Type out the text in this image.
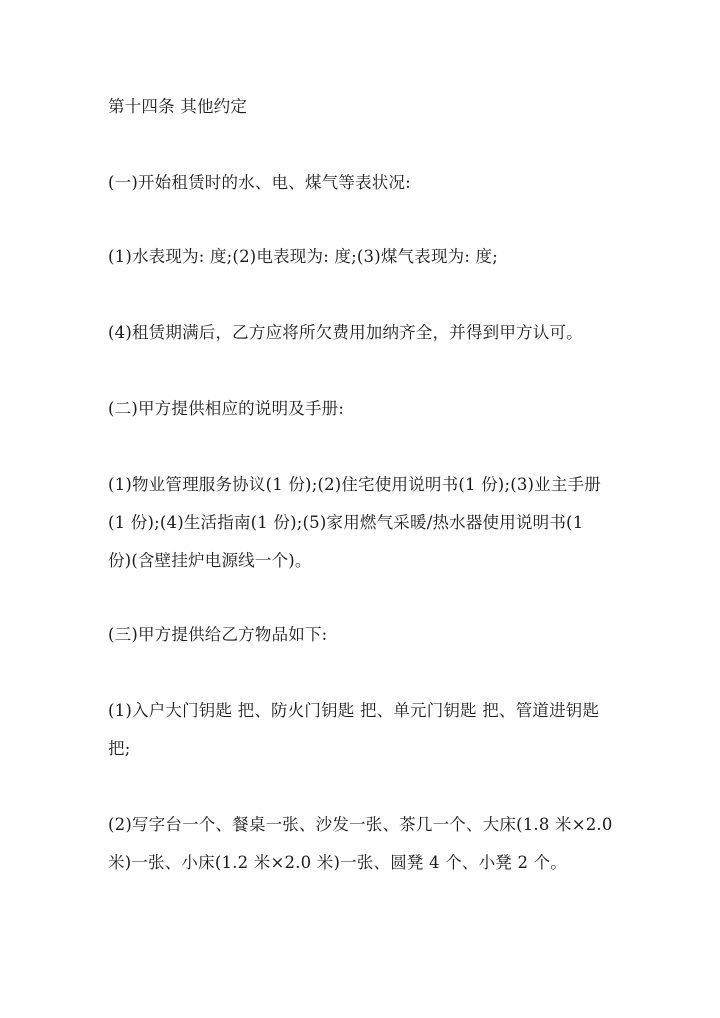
第十四条 其他约定

(一)开始租赁时的水、电、煤气等表状况:

(1)水表现为: 度;(2)电表现为: 度;(3)煤气表现为: 度;

(4)租赁期满后，乙方应将所欠费用加纳齐全，并得到甲方认可。

(二)甲方提供相应的说明及手册:

(1)物业管理服务协议(1 份);(2)住宅使用说明书(1 份);(3)业主手册
(1 份);(4)生活指南(1 份);(5)家用燃气采暖/热水器使用说明书(1
份)(含壁挂炉电源线一个)。

(三)甲方提供给乙方物品如下:

(1)入户大门钥匙 把、防火门钥匙 把、单元门钥匙 把、管道进钥匙
把;
(2)写字台一个、餐桌一张、沙发一张、茶几一个、大床(1.8 米×2.0
米)一张、小床(1.2 米×2.0 米)一张、圆凳 4 个、小凳 2 个。
